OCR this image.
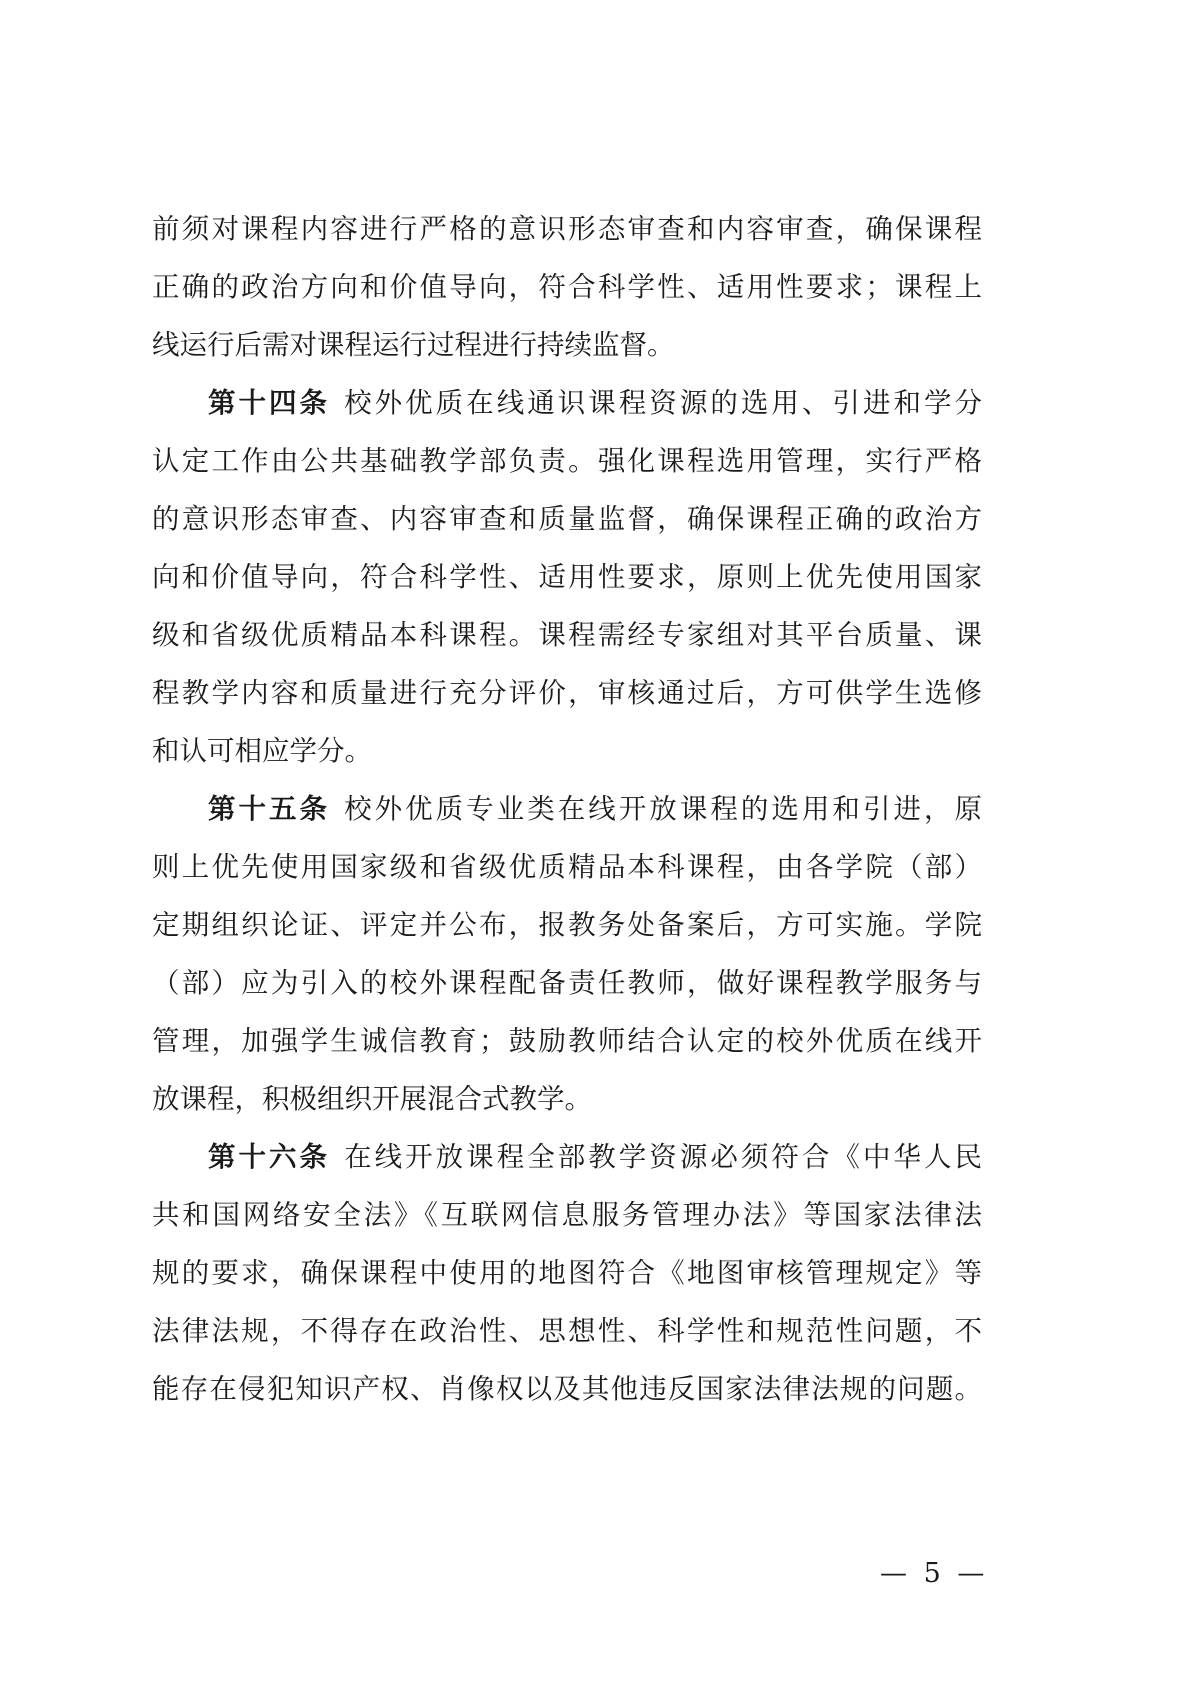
前须对课程内容进行严格的意识形态审查和内容审查，确保课程
正确的政治方向和价值导向，符合科学性、适用性要求；课程上
线运行后需对课程运行过程进行持续监督。
第十四条 校外优质在线通识课程资源的选用、引进和学分
认定工作由公共基础教学部负责。强化课程选用管理，实行严格
的意识形态审查、内容审查和质量监督，确保课程正确的政治方
向和价值导向，符合科学性、适用性要求，原则上优先使用国家
级和省级优质精品本科课程。课程需经专家组对其平台质量、课
程教学内容和质量进行充分评价，审核通过后，方可供学生选修
和认可相应学分。
第十五条 校外优质专业类在线开放课程的选用和引进，原
则上优先使用国家级和省级优质精品本科课程，由各学院（部）
定期组织论证、评定并公布，报教务处备案后，方可实施。学院
（部）应为引入的校外课程配备责任教师，做好课程教学服务与
管理，加强学生诚信教育；鼓励教师结合认定的校外优质在线开
放课程，积极组织开展混合式教学。
第十六条 在线开放课程全部教学资源必须符合《中华人民
共和国网络安全法》《互联网信息服务管理办法》等国家法律法
规的要求，确保课程中使用的地图符合《地图审核管理规定》等
法律法规，不得存在政治性、思想性、科学性和规范性问题，不
能存在侵犯知识产权、肖像权以及其他违反国家法律法规的问题。
— 5 —
